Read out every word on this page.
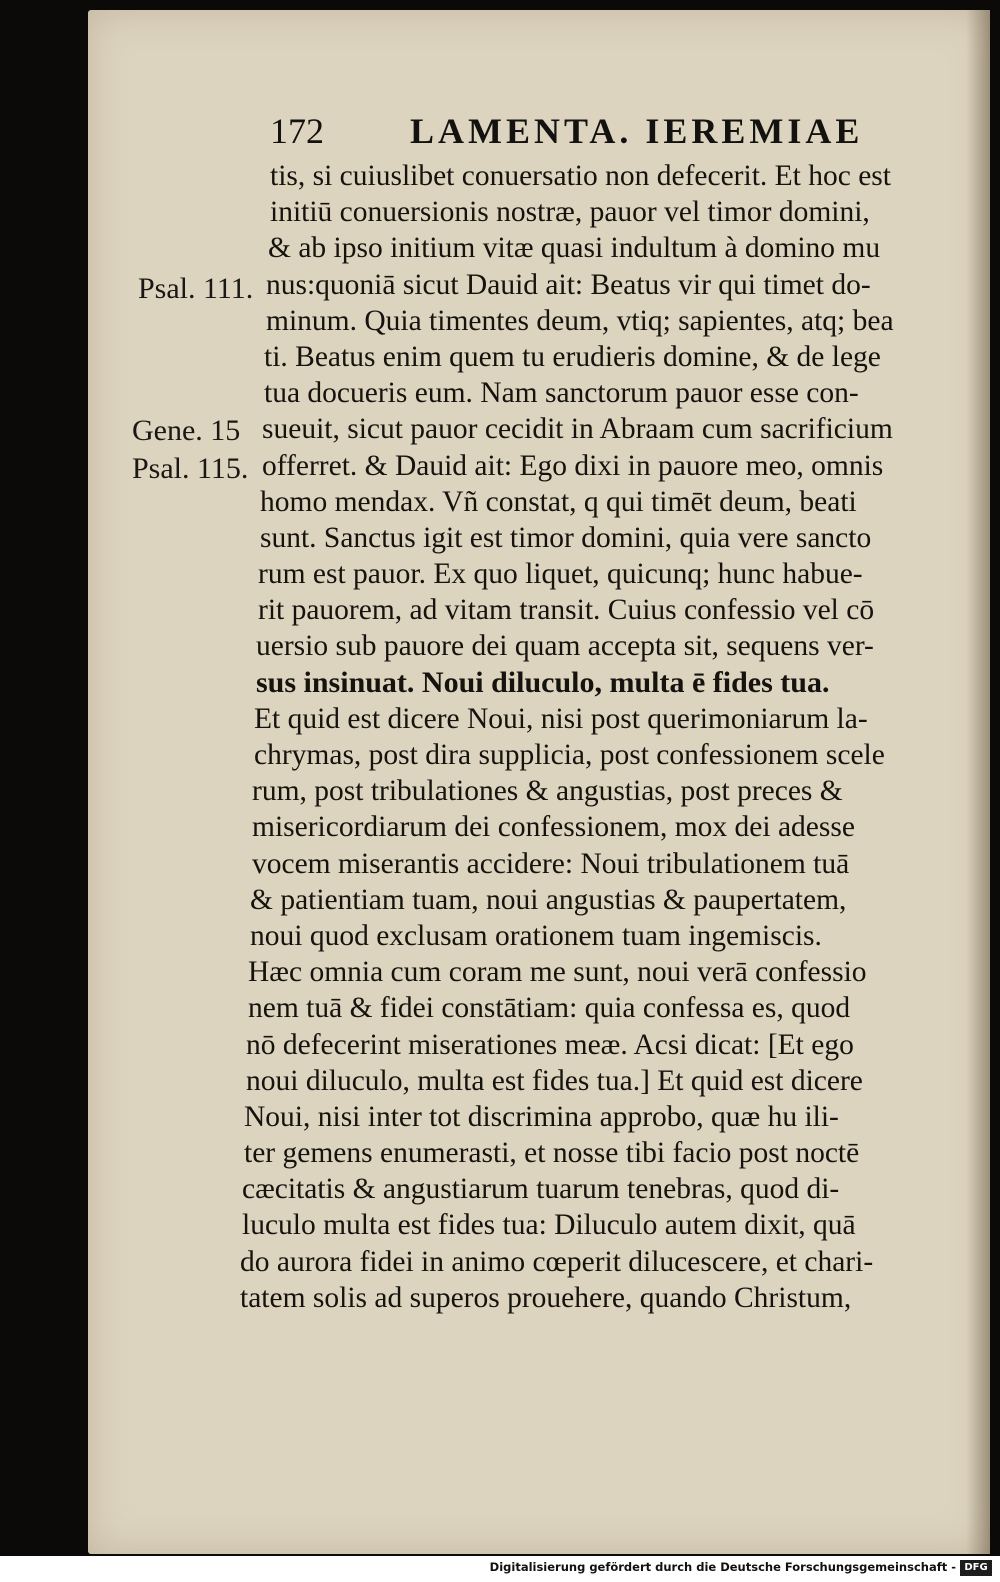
172 LAMENTA. IEREMIAE
Psal. 111.
Gene. 15
Psal. 115.
tis, si cuiuslibet conuersatio non defecerit. Et hoc est
initiū conuersionis nostræ, pauor vel timor domini,
& ab ipso initium vitæ quasi indultum à domino mu
nus:quoniā sicut Dauid ait: Beatus vir qui timet do-
minum. Quia timentes deum, vtiq; sapientes, atq; bea
ti. Beatus enim quem tu erudieris domine, & de lege
tua docueris eum. Nam sanctorum pauor esse con-
sueuit, sicut pauor cecidit in Abraam cum sacrificium
offerret. & Dauid ait: Ego dixi in pauore meo, omnis
homo mendax. Vñ constat, q qui timēt deum, beati
sunt. Sanctus igit est timor domini, quia vere sancto
rum est pauor. Ex quo liquet, quicunq; hunc habue-
rit pauorem, ad vitam transit. Cuius confessio vel cō
uersio sub pauore dei quam accepta sit, sequens ver-
sus insinuat. Noui diluculo, multa ē fides tua.
Et quid est dicere Noui, nisi post querimoniarum la-
chrymas, post dira supplicia, post confessionem scele
rum, post tribulationes & angustias, post preces &
misericordiarum dei confessionem, mox dei adesse
vocem miserantis accidere: Noui tribulationem tuā
& patientiam tuam, noui angustias & paupertatem,
noui quod exclusam orationem tuam ingemiscis.
Hæc omnia cum coram me sunt, noui verā confessio
nem tuā & fidei constātiam: quia confessa es, quod
nō defecerint miserationes meæ. Acsi dicat: [Et ego
noui diluculo, multa est fides tua.] Et quid est dicere
Noui, nisi inter tot discrimina approbo, quæ hu ili-
ter gemens enumerasti, et nosse tibi facio post noctē
cæcitatis & angustiarum tuarum tenebras, quod di-
luculo multa est fides tua: Diluculo autem dixit, quā
do aurora fidei in animo cœperit dilucescere, et chari-
tatem solis ad superos prouehere, quando Christum,
Digitalisierung gefördert durch die Deutsche Forschungsgemeinschaft - DFG
